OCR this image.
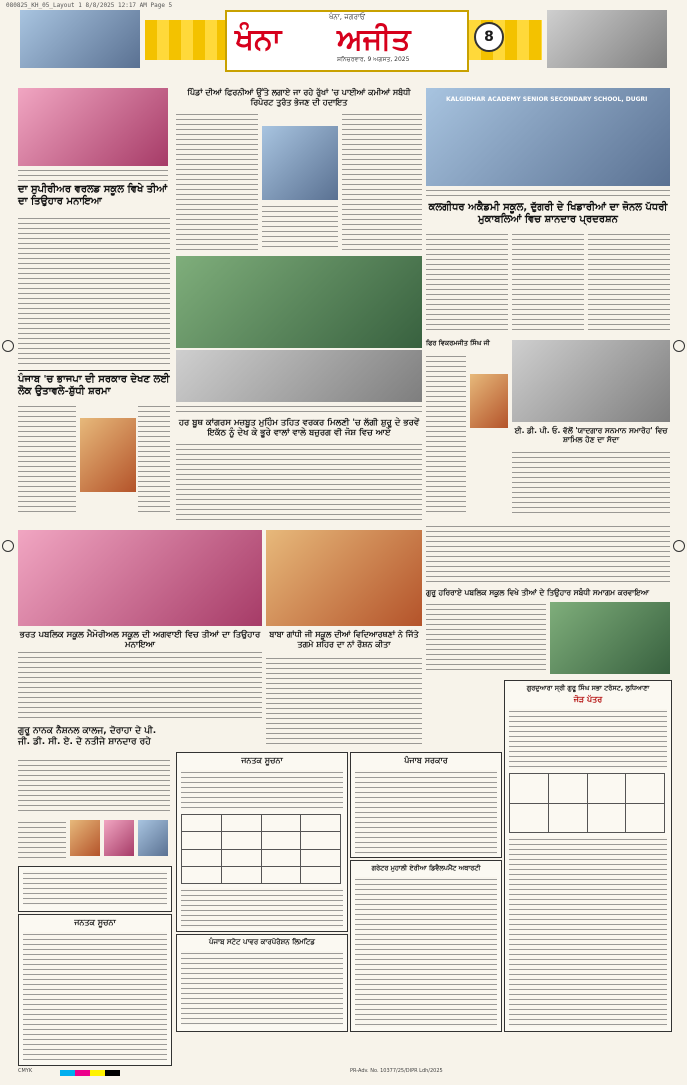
080825_KH_05_Layout 1 8/8/2025 12:17 AM Page 5
ਖੰਨਾ, ਜਗਰਾਓਂ
ਖੰਨਾ ਅਜੀਤ
ਸ਼ਨਿਚਰਵਾਰ, 9 ਅਗਸਤ, 2025
8
ਦਾ ਸੁਪੀਰੀਅਰ ਵਰਲਡ ਸਕੂਲ ਵਿਖੇ ਤੀਆਂ ਦਾ ਤਿਉਹਾਰ ਮਨਾਇਆ
ਪੰਜਾਬ 'ਚ ਭਾਜਪਾ ਦੀ ਸਰਕਾਰ ਦੇਖਣ ਲਈ ਲੋਕ ਉਤਾਵਲੇ-ਸ਼ੁੱਧੀ ਸ਼ਰਮਾ
ਪਿੰਡਾਂ ਦੀਆਂ ਫਿਰਨੀਆਂ ਉੱਤੇ ਲਗਾਏ ਜਾ ਰਹੇ ਰੁੱਖਾਂ 'ਚ ਪਾਈਆਂ ਕਮੀਆਂ ਸਬੰਧੀ ਰਿਪੋਰਟ ਤੁਰੰਤ ਭੇਜਣ ਦੀ ਹਦਾਇਤ
ਹਰ ਬੂਥ ਕਾਂਗਰਸ ਮਜ਼ਬੂਤ ਮੁਹਿੰਮ ਤਹਿਤ ਵਰਕਰ ਮਿਲਣੀ 'ਚ ਲੱਗੀ ਸ਼ੁਰੂ ਦੇ ਭਰਵੇਂ ਇਕੱਠ ਨੂੰ ਦੇਖ ਕੇ ਭੂਰੇ ਵਾਲਾਂ ਵਾਲੇ ਬਜ਼ੁਰਗ ਵੀ ਜੋਸ਼ ਵਿਚ ਆਏ
KALGIDHAR ACADEMY SENIOR SECONDARY SCHOOL, DUGRI
ਕਲਗੀਧਰ ਅਕੈਡਮੀ ਸਕੂਲ, ਦੁੱਗਰੀ ਦੇ ਖਿਡਾਰੀਆਂ ਦਾ ਜ਼ੋਨਲ ਪੱਧਰੀ ਮੁਕਾਬਲਿਆਂ ਵਿਚ ਸ਼ਾਨਦਾਰ ਪ੍ਰਦਰਸ਼ਨ
ਫਿਰ ਵਿਕਰਮਜੀਤ ਸਿੰਘ ਜੀ
ਈ. ਡੀ. ਪੀ. ਓ. ਵੱਲੋਂ 'ਯਾਦਗਾਰ ਸਨਮਾਨ ਸਮਾਰੋਹ' ਵਿਚ ਸ਼ਾਮਿਲ ਹੋਣ ਦਾ ਸੱਦਾ
ਭਰਤ ਪਬਲਿਕ ਸਕੂਲ ਮੈਮੋਰੀਅਲ ਸਕੂਲ ਦੀ ਅਗਵਾਈ ਵਿਚ ਤੀਆਂ ਦਾ ਤਿਉਹਾਰ ਮਨਾਇਆ
ਬਾਬਾ ਗਾਂਧੀ ਜੀ ਸਕੂਲ ਦੀਆਂ ਵਿਦਿਆਰਥਣਾਂ ਨੇ ਜਿੱਤੇ ਤਗਮੇ ਸ਼ਹਿਰ ਦਾ ਨਾਂ ਰੌਸ਼ਨ ਕੀਤਾ
ਗੁਰੂ ਹਰਿਰਾਏ ਪਬਲਿਕ ਸਕੂਲ ਵਿਖੇ ਤੀਆਂ ਦੇ ਤਿਉਹਾਰ ਸਬੰਧੀ ਸਮਾਗਮ ਕਰਵਾਇਆ
ਗੁਰੂ ਨਾਨਕ ਨੈਸ਼ਨਲ ਕਾਲਜ, ਦੋਰਾਹਾ ਦੇ ਪੀ. ਜੀ. ਡੀ. ਸੀ. ਏ. ਦੇ ਨਤੀਜੇ ਸ਼ਾਨਦਾਰ ਰਹੇ
ਜਨਤਕ ਸੂਚਨਾ
ਜਨਤਕ ਸੂਚਨਾ

ਪੰਜਾਬ ਸਟੇਟ ਪਾਵਰ ਕਾਰਪੋਰੇਸ਼ਨ ਲਿਮਟਿਡ
ਪੰਜਾਬ ਸਰਕਾਰ
ਗਰੇਟਰ ਮੁਹਾਲੀ ਏਰੀਆ ਡਿਵੈਲਪਮੈਂਟ ਅਥਾਰਟੀ
ਗੁਰਦੁਆਰਾ ਸ੍ਰੀ ਗੁਰੂ ਸਿੰਘ ਸਭਾ ਟਰੱਸਟ, ਲੁਧਿਆਣਾ
ਜੋੜ ਪੱਤਰ

CMYK	PR-Adv. No. 10377/25/DIPR Ldh/2025
